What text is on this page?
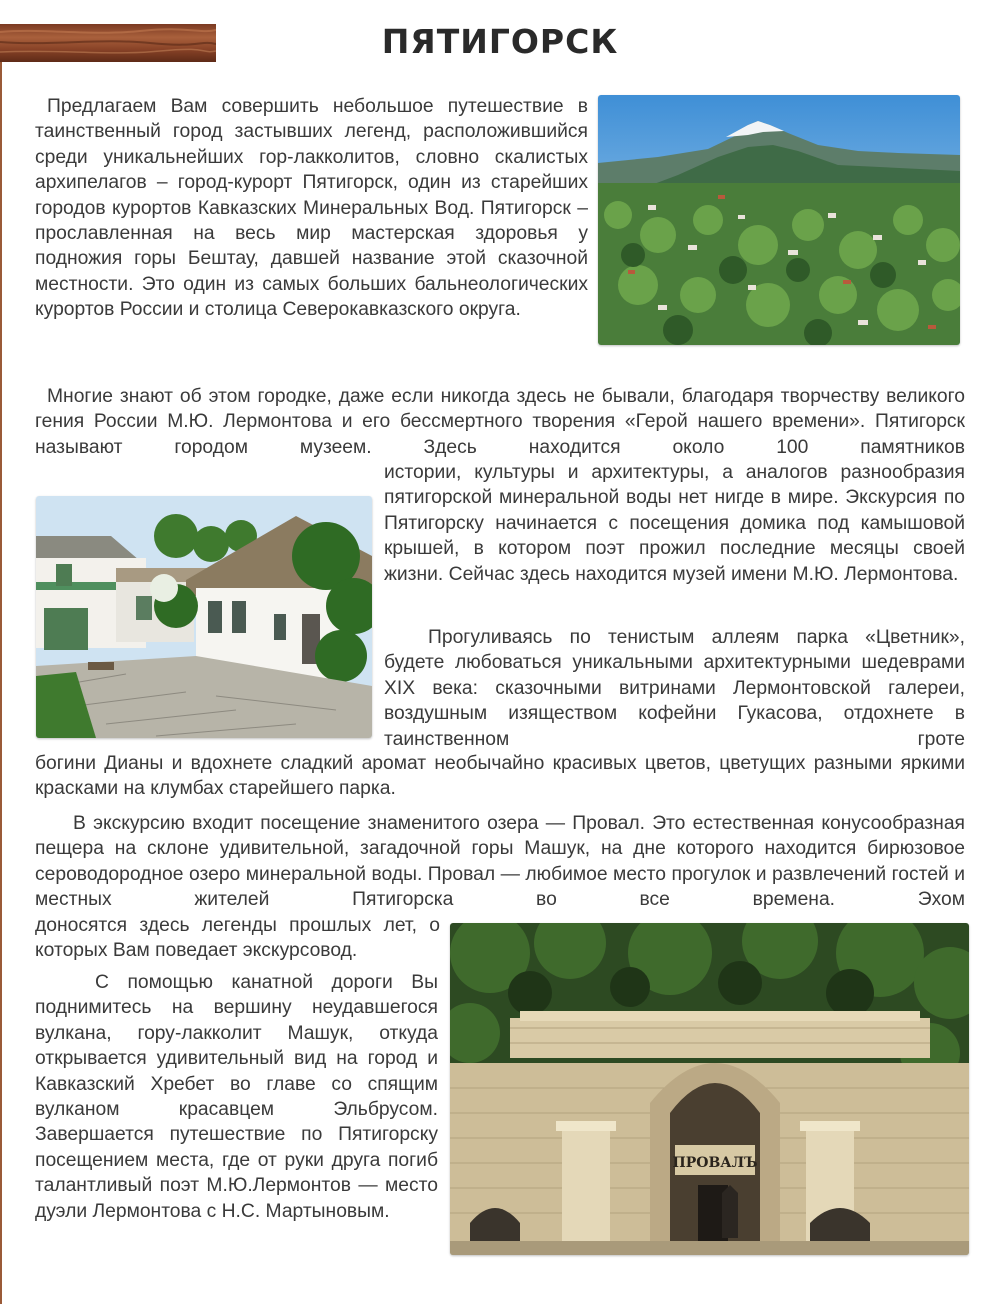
ПЯТИГОРСК

Предлагаем Вам совершить небольшое путешествие в таинственный город застывших легенд, расположившийся среди уникальнейших гор-лакколитов, словно скалистых архипелагов – город-курорт Пятигорск, один из старейших городов курортов Кавказских Минеральных Вод. Пятигорск – прославленная на весь мир мастерская здоровья у подножия горы Бештау, давшей название этой сказочной местности. Это один из самых больших бальнеологических курортов России и столица Северокавказского округа.

Многие знают об этом городке, даже если никогда здесь не бывали, благодаря творчеству великого гения России М.Ю. Лермонтова и его бессмертного творения «Герой нашего времени». Пятигорск называют городом музеем. Здесь находится около 100 памятников

истории, культуры и архитектуры, а аналогов разнообразия пятигорской минеральной воды нет нигде в мире. Экскурсия по Пятигорску начинается с посещения домика под камышовой крышей, в котором поэт прожил последние месяцы своей жизни. Сейчас здесь находится музей имени М.Ю. Лермонтова.

Прогуливаясь по тенистым аллеям парка «Цветник», будете любоваться уникальными архитектурными шедеврами XIX века: сказочными витринами Лермонтовской галереи, воздушным изяществом кофейни Гукасова, отдохнете в таинственном гроте

богини Дианы и вдохнете сладкий аромат необычайно красивых цветов, цветущих разными яркими красками на клумбах старейшего парка.

В экскурсию входит посещение знаменитого озера — Провал. Это естественная конусообразная пещера на склоне удивительной, загадочной горы Машук, на дне которого находится бирюзовое сероводородное озеро минеральной воды. Провал — любимое место прогулок и развлечений гостей и местных жителей Пятигорска во все времена. Эхом

доносятся здесь легенды прошлых лет, о которых Вам поведает экскурсовод.

С помощью канатной дороги Вы поднимитесь на вершину неудавшегося вулкана, гору-лакколит Машук, откуда открывается удивительный вид на город и Кавказский Хребет во главе со спящим вулканом красавцем Эльбрусом. Завершается путешествие по Пятигорску посещением места, где от руки друга погиб талантливый поэт М.Ю.Лермонтов — место дуэли Лермонтова с Н.С. Мартыновым.

ПРОВАЛЪ
